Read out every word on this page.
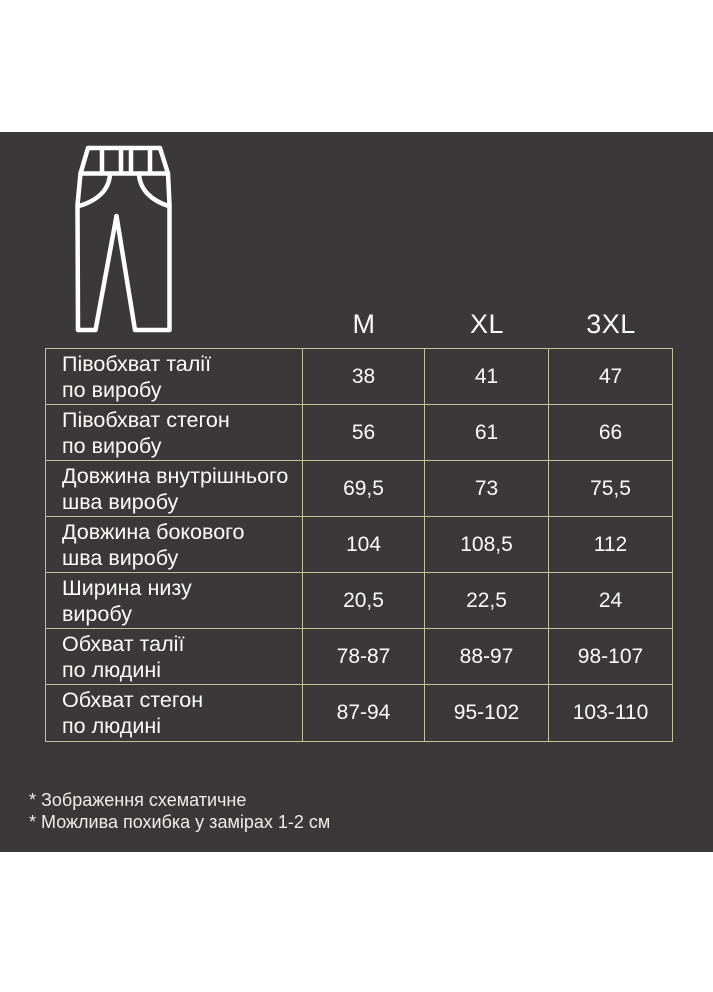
M	XL	3XL
Півобхват талії
по виробу
38	41	47
Півобхват стегон
по виробу
56	61	66
Довжина внутрішнього
шва виробу
69,5	73	75,5
Довжина бокового
шва виробу
104	108,5	112
Ширина низу
виробу
20,5	22,5	24
Обхват талії
по людині
78-87	88-97	98-107
Обхват стегон
по людині
87-94	95-102	103-110
* Зображення схематичне
* Можлива похибка у замірах 1-2 см
